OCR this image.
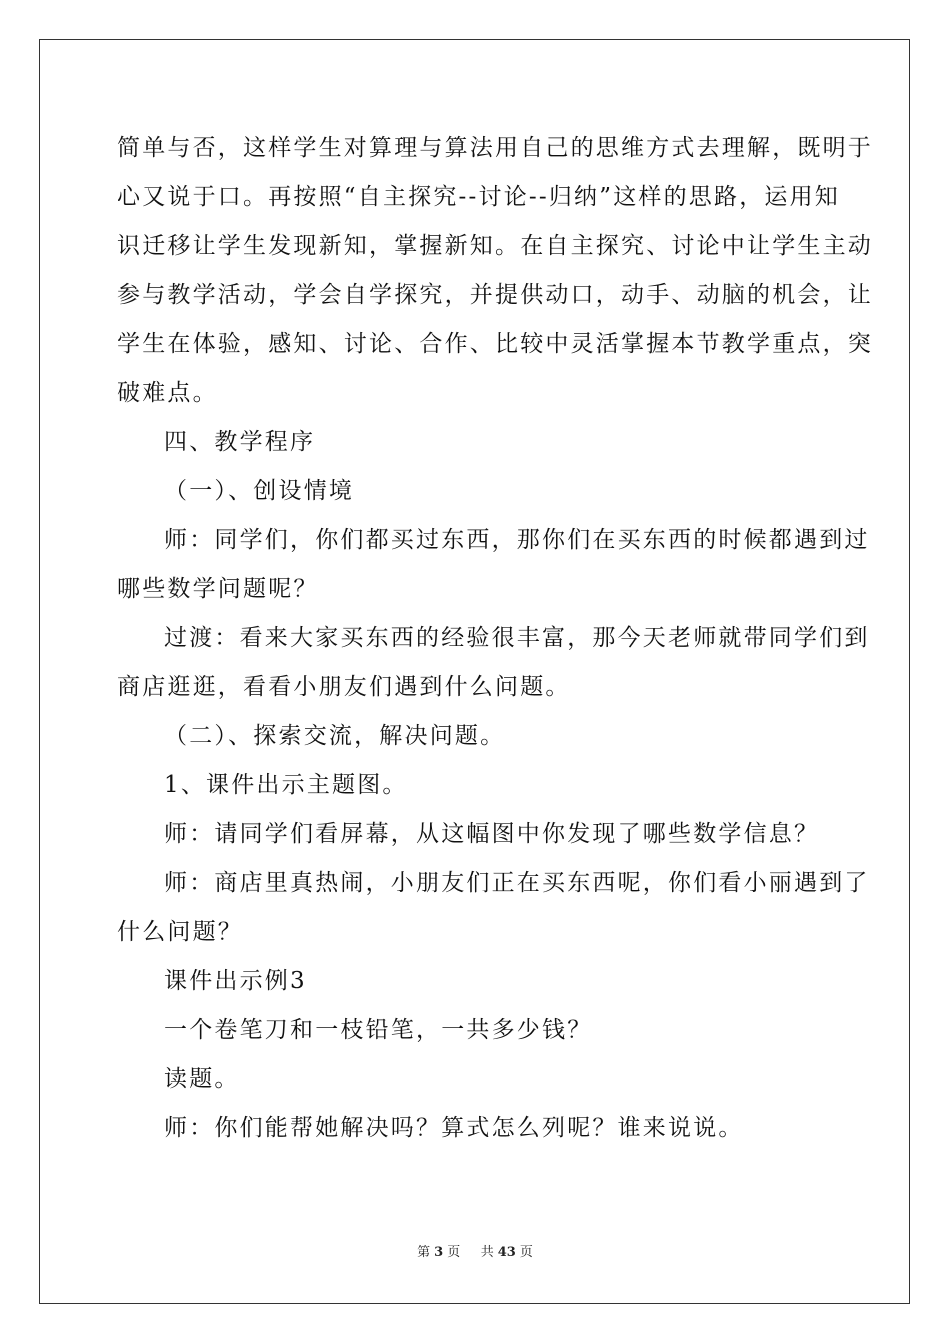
简单与否，这样学生对算理与算法用自己的思维方式去理解，既明于
心又说于口。再按照“自主探究--讨论--归纳”这样的思路，运用知
识迁移让学生发现新知，掌握新知。在自主探究、讨论中让学生主动
参与教学活动，学会自学探究，并提供动口，动手、动脑的机会，让
学生在体验，感知、讨论、合作、比较中灵活掌握本节教学重点，突
破难点。
四、教学程序
（一）、创设情境
师：同学们，你们都买过东西，那你们在买东西的时候都遇到过
哪些数学问题呢？
过渡：看来大家买东西的经验很丰富，那今天老师就带同学们到
商店逛逛，看看小朋友们遇到什么问题。
（二）、探索交流，解决问题。
1、课件出示主题图。
师：请同学们看屏幕，从这幅图中你发现了哪些数学信息？
师：商店里真热闹，小朋友们正在买东西呢，你们看小丽遇到了
什么问题？
课件出示例3
一个卷笔刀和一枝铅笔，一共多少钱？
读题。
师：你们能帮她解决吗？算式怎么列呢？谁来说说。
第 3 页 共 43 页
